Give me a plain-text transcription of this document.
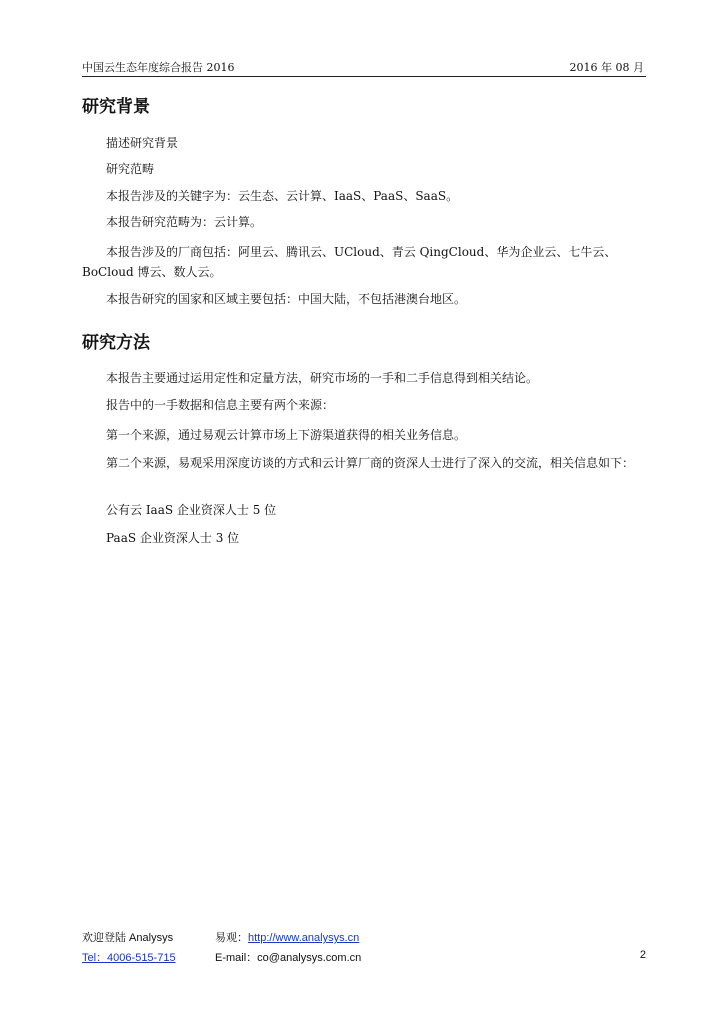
中国云生态年度综合报告 2016	2016 年 08 月
研究背景

描述研究背景

研究范畴

本报告涉及的关键字为：云生态、云计算、IaaS、PaaS、SaaS。

本报告研究范畴为：云计算。

本报告涉及的厂商包括：阿里云、腾讯云、UCloud、青云 QingCloud、华为企业云、七牛云、BoCloud 博云、数人云。

本报告研究的国家和区域主要包括：中国大陆，不包括港澳台地区。

研究方法

本报告主要通过运用定性和定量方法，研究市场的一手和二手信息得到相关结论。

报告中的一手数据和信息主要有两个来源：

第一个来源，通过易观云计算市场上下游渠道获得的相关业务信息。

第二个来源，易观采用深度访谈的方式和云计算厂商的资深人士进行了深入的交流，相关信息如下：

公有云 IaaS 企业资深人士 5 位

PaaS 企业资深人士 3 位

欢迎登陆 Analysys	易观：http://www.analysys.cn
Tel：4006-515-715	E-mail：co@analysys.com.cn	2
